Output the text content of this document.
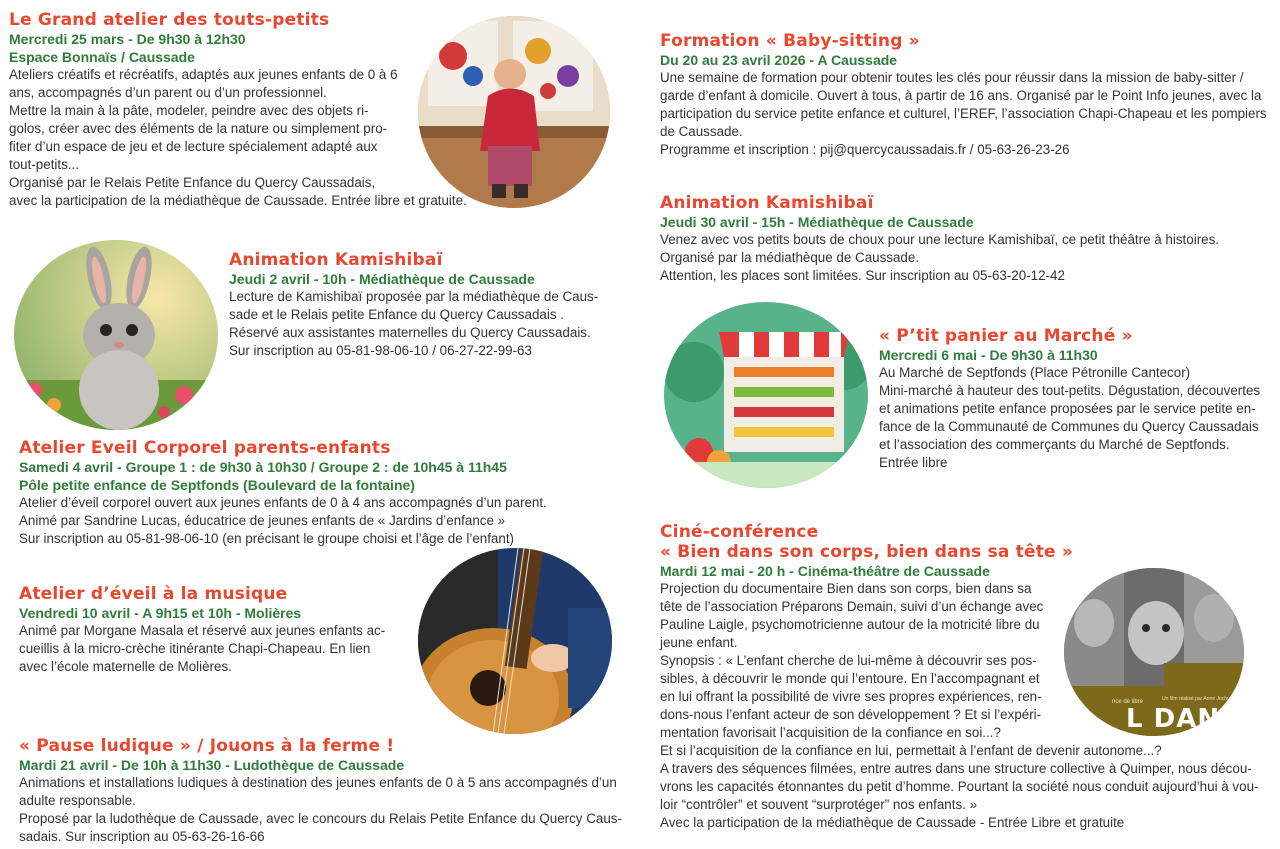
Le Grand atelier des touts-petits
Mercredi 25 mars - De 9h30 à 12h30
Espace Bonnaïs / Caussade

Ateliers créatifs et récréatifs, adaptés aux jeunes enfants de 0 à 6

ans, accompagnés d’un parent ou d’un professionnel.

Mettre la main à la pâte, modeler, peindre avec des objets ri-

golos, créer avec des éléments de la nature ou simplement pro-

fiter d’un espace de jeu et de lecture spécialement adapté aux

tout-petits...

Organisé par le Relais Petite Enfance du Quercy Caussadais,

avec la participation de la médiathèque de Caussade. Entrée libre et gratuite.

Animation Kamishibaï
Jeudi 2 avril - 10h - Médiathèque de Caussade

Lecture de Kamishibaï proposée par la médiathèque de Caus-

sade et le Relais petite Enfance du Quercy Caussadais .

Réservé aux assistantes maternelles du Quercy Caussadais.

Sur inscription au 05-81-98-06-10 / 06-27-22-99-63

Atelier Eveil Corporel parents-enfants
Samedi 4 avril - Groupe 1 : de 9h30 à 10h30 / Groupe 2 : de 10h45 à 11h45
Pôle petite enfance de Septfonds (Boulevard de la fontaine)

Atelier d’éveil corporel ouvert aux jeunes enfants de 0 à 4 ans accompagnés d’un parent.

Animé par Sandrine Lucas, éducatrice de jeunes enfants de « Jardins d’enfance »

Sur inscription au 05-81-98-06-10 (en précisant le groupe choisi et l’âge de l’enfant)

Atelier d’éveil à la musique
Vendredi 10 avril - A 9h15 et 10h - Molières

Animé par Morgane Masala et réservé aux jeunes enfants ac-

cueillis à la micro-crèche itinérante Chapi-Chapeau. En lien

avec l’école maternelle de Molières.

« Pause ludique » / Jouons à la ferme !
Mardi 21 avril - De 10h à 11h30 - Ludothèque de Caussade

Animations et installations ludiques à destination des jeunes enfants de 0 à 5 ans accompagnés d’un

adulte responsable.

Proposé par la ludothèque de Caussade, avec le concours du Relais Petite Enfance du Quercy Caus-

sadais. Sur inscription au 05-63-26-16-66

Formation « Baby-sitting »
Du 20 au 23 avril 2026 - A Caussade

Une semaine de formation pour obtenir toutes les clés pour réussir dans la mission de baby-sitter /

garde d’enfant à domicile. Ouvert à tous, à partir de 16 ans. Organisé par le Point Info jeunes, avec la

participation du service petite enfance et culturel, l’EREF, l’association Chapi-Chapeau et les pompiers

de Caussade.

Programme et inscription : pij@quercycaussadais.fr / 05-63-26-23-26

Animation Kamishibaï
Jeudi 30 avril - 15h - Médiathèque de Caussade

Venez avec vos petits bouts de choux pour une lecture Kamishibaï, ce petit théâtre à histoires.

Organisé par la médiathèque de Caussade.

Attention, les places sont limitées. Sur inscription au 05-63-20-12-42

« P’tit panier au Marché »
Mercredi 6 mai - De 9h30 à 11h30

Au Marché de Septfonds (Place Pétronille Cantecor)

Mini-marché à hauteur des tout-petits. Dégustation, découvertes

et animations petite enfance proposées par le service petite en-

fance de la Communauté de Communes du Quercy Caussadais

et l’association des commerçants du Marché de Septfonds.

Entrée libre

Ciné-conférence
« Bien dans son corps, bien dans sa tête »
Mardi 12 mai - 20 h - Cinéma-théâtre de Caussade

Projection du documentaire Bien dans son corps, bien dans sa

tête de l’association Préparons Demain, suivi d’un échange avec

Pauline Laigle, psychomotricienne autour de la motricité libre du

jeune enfant.

Synopsis : « L’enfant cherche de lui-même à découvrir ses pos-

sibles, à découvrir le monde qui l’entoure. En l’accompagnant et

en lui offrant la possibilité de vivre ses propres expériences, ren-

dons-nous l’enfant acteur de son développement ? Et si l’expéri-

mentation favorisait l’acquisition de la confiance en soi...?

Et si l’acquisition de la confiance en lui, permettait à l’enfant de devenir autonome...?

A travers des séquences filmées, entre autres dans une structure collective à Quimper, nous décou-

vrons les capacités étonnantes du petit d’homme. Pourtant la société nous conduit aujourd’hui à vou-

loir “contrôler” et souvent “surprotéger” nos enfants. »

Avec la participation de la médiathèque de Caussade - Entrée Libre et gratuite

nce de libre	Un film réalisé par Anne Jochum
L DANS
